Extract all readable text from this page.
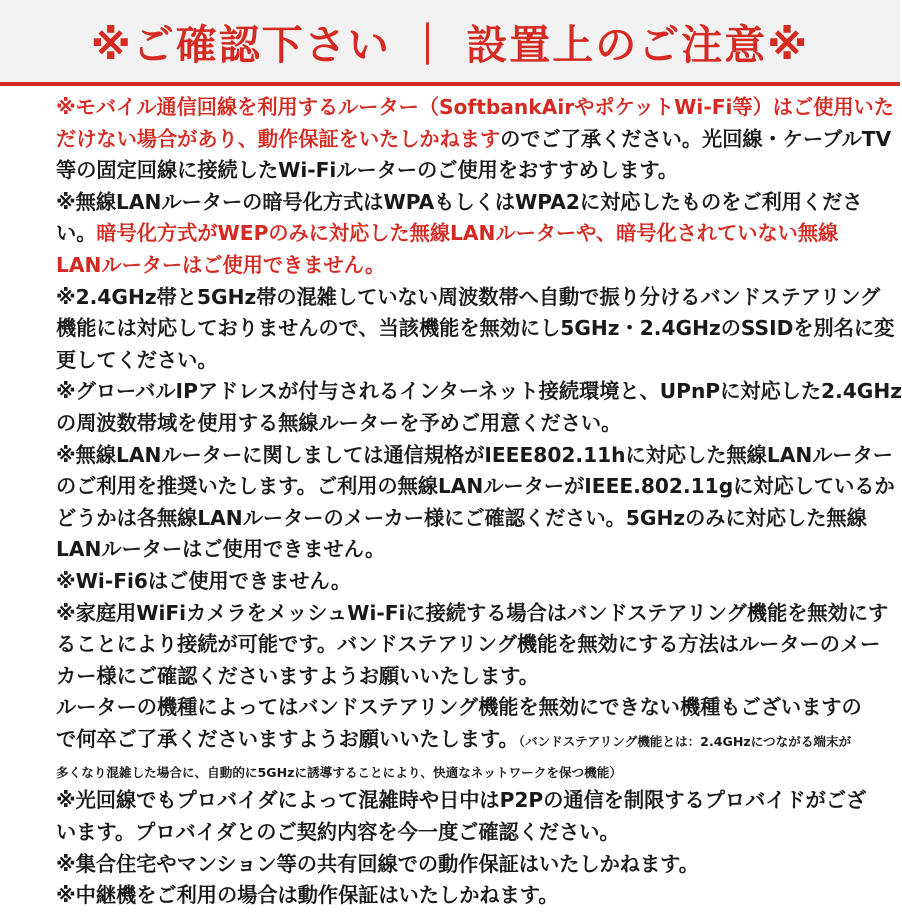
※ご確認下さい ｜ 設置上のご注意※
※モバイル通信回線を利用するルーター（SoftbankAirやポケットWi-Fi等）はご使用いた
だけない場合があり、動作保証をいたしかねますのでご了承ください。光回線・ケーブルTV
等の固定回線に接続したWi-Fiルーターのご使用をおすすめします。
※無線LANルーターの暗号化方式はWPAもしくはWPA2に対応したものをご利用くださ
い。暗号化方式がWEPのみに対応した無線LANルーターや、暗号化されていない無線
LANルーターはご使用できません。
※2.4GHz帯と5GHz帯の混雑していない周波数帯へ自動で振り分けるバンドステアリング
機能には対応しておりませんので、当該機能を無効にし5GHz・2.4GHzのSSIDを別名に変
更してください。
※グローバルIPアドレスが付与されるインターネット接続環境と、UPnPに対応した2.4GHz
の周波数帯域を使用する無線ルーターを予めご用意ください。
※無線LANルーターに関しましては通信規格がIEEE802.11hに対応した無線LANルーター
のご利用を推奨いたします。ご利用の無線LANルーターがIEEE.802.11gに対応しているか
どうかは各無線LANルーターのメーカー様にご確認ください。5GHzのみに対応した無線
LANルーターはご使用できません。
※Wi-Fi6はご使用できません。
※家庭用WiFiカメラをメッシュWi-Fiに接続する場合はバンドステアリング機能を無効にす
ることにより接続が可能です。バンドステアリング機能を無効にする方法はルーターのメー
カー様にご確認くださいますようお願いいたします。
ルーターの機種によってはバンドステアリング機能を無効にできない機種もございますの
で何卒ご了承くださいますようお願いいたします。（バンドステアリング機能とは：2.4GHzにつながる端末が
多くなり混雑した場合に、自動的に5GHzに誘導することにより、快適なネットワークを保つ機能）
※光回線でもプロバイダによって混雑時や日中はP2Pの通信を制限するプロバイドがござ
います。プロバイダとのご契約内容を今一度ご確認ください。
※集合住宅やマンション等の共有回線での動作保証はいたしかねます。
※中継機をご利用の場合は動作保証はいたしかねます。
